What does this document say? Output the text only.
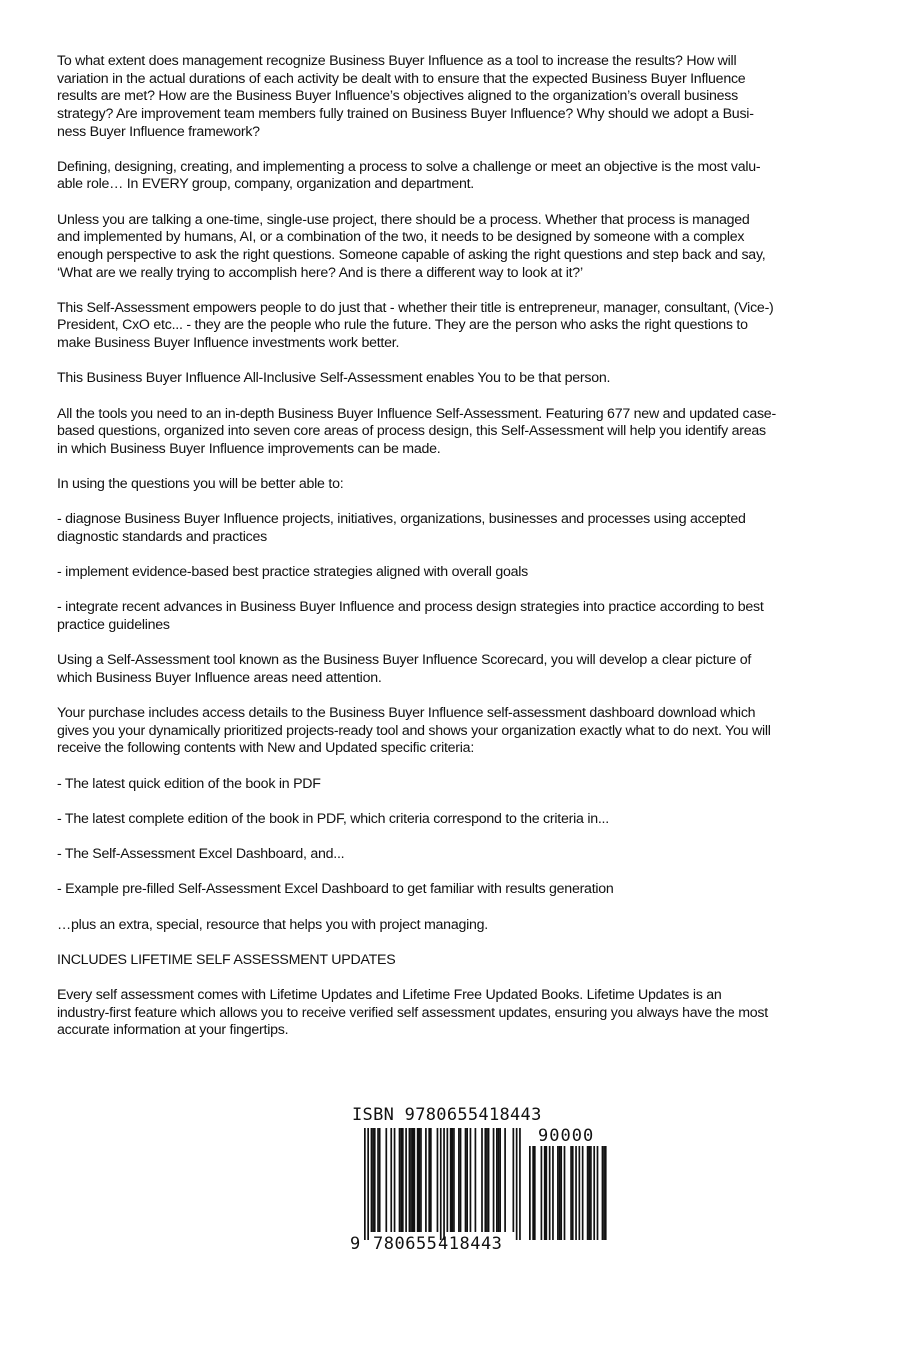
To what extent does management recognize Business Buyer Influence as a tool to increase the results? How will
variation in the actual durations of each activity be dealt with to ensure that the expected Business Buyer Influence
results are met? How are the Business Buyer Influence’s objectives aligned to the organization’s overall business
strategy? Are improvement team members fully trained on Business Buyer Influence? Why should we adopt a Busi-
ness Buyer Influence framework?

Defining, designing, creating, and implementing a process to solve a challenge or meet an objective is the most valu-
able role… In EVERY group, company, organization and department.

Unless you are talking a one-time, single-use project, there should be a process. Whether that process is managed
and implemented by humans, AI, or a combination of the two, it needs to be designed by someone with a complex
enough perspective to ask the right questions. Someone capable of asking the right questions and step back and say,
‘What are we really trying to accomplish here? And is there a different way to look at it?’

This Self-Assessment empowers people to do just that - whether their title is entrepreneur, manager, consultant, (Vice-)
President, CxO etc... - they are the people who rule the future. They are the person who asks the right questions to
make Business Buyer Influence investments work better.

This Business Buyer Influence All-Inclusive Self-Assessment enables You to be that person.

All the tools you need to an in-depth Business Buyer Influence Self-Assessment. Featuring 677 new and updated case-
based questions, organized into seven core areas of process design, this Self-Assessment will help you identify areas
in which Business Buyer Influence improvements can be made.

In using the questions you will be better able to:

- diagnose Business Buyer Influence projects, initiatives, organizations, businesses and processes using accepted
diagnostic standards and practices

- implement evidence-based best practice strategies aligned with overall goals

- integrate recent advances in Business Buyer Influence and process design strategies into practice according to best
practice guidelines

Using a Self-Assessment tool known as the Business Buyer Influence Scorecard, you will develop a clear picture of
which Business Buyer Influence areas need attention.

Your purchase includes access details to the Business Buyer Influence self-assessment dashboard download which
gives you your dynamically prioritized projects-ready tool and shows your organization exactly what to do next. You will
receive the following contents with New and Updated specific criteria:

- The latest quick edition of the book in PDF

- The latest complete edition of the book in PDF, which criteria correspond to the criteria in...

- The Self-Assessment Excel Dashboard, and...

- Example pre-filled Self-Assessment Excel Dashboard to get familiar with results generation

…plus an extra, special, resource that helps you with project managing.

INCLUDES LIFETIME SELF ASSESSMENT UPDATES

Every self assessment comes with Lifetime Updates and Lifetime Free Updated Books. Lifetime Updates is an
industry-first feature which allows you to receive verified self assessment updates, ensuring you always have the most
accurate information at your fingertips.

ISBN 9780655418443
90000
9 780655 418443
